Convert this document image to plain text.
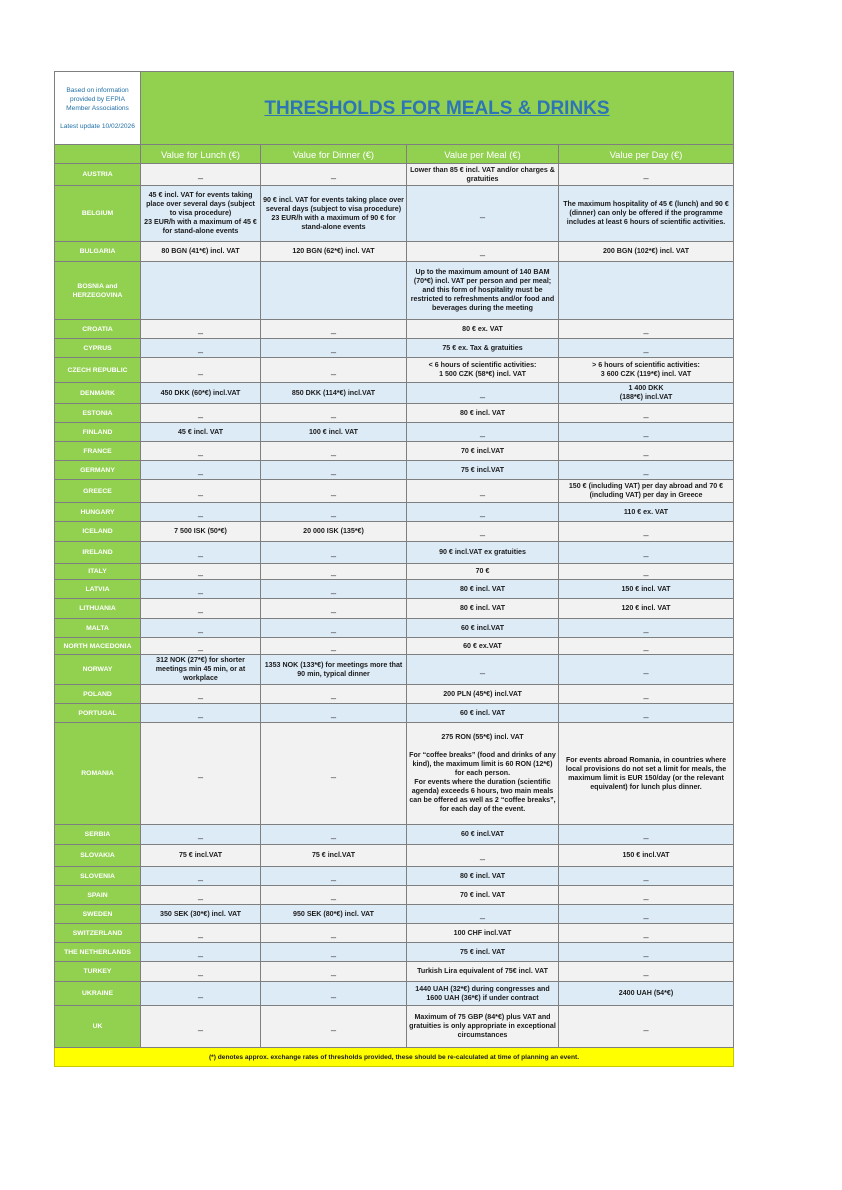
Based on information
provided by EFPIA
Member Associations
Latest update 10/02/2026	THRESHOLDS FOR MEALS & DRINKS			
	Value for Lunch (€)	Value for Dinner (€)	Value per Meal (€)	Value per Day (€)
AUSTRIA	_	_	Lower than 85 € incl. VAT and/or charges & gratuities	_
BELGIUM	45 € incl. VAT for events taking place over several days (subject to visa procedure)
23 EUR/h with a maximum of 45 € for stand-alone events	90 € incl. VAT for events taking place over several days (subject to visa procedure)
23 EUR/h with a maximum of 90 € for stand-alone events	_	The maximum hospitality of 45 € (lunch) and 90 € (dinner) can only be offered if the programme includes at least 6 hours of scientific activities.
BULGARIA	80 BGN (41*€) incl. VAT	120 BGN (62*€) incl. VAT	_	200 BGN (102*€) incl. VAT
BOSNIA and HERZEGOVINA			Up to the maximum amount of 140 BAM (70*€) incl. VAT per person and per meal; and this form of hospitality must be restricted to refreshments and/or food and beverages during the meeting	
CROATIA	_	_	80 € ex. VAT	_
CYPRUS	_	_	75 € ex. Tax & gratuities	_
CZECH REPUBLIC	_	_	< 6 hours of scientific activities:
1 500 CZK (58*€) incl. VAT	> 6 hours of scientific activities:
3 600 CZK (119*€) incl. VAT
DENMARK	450 DKK (60*€) incl.VAT	850 DKK (114*€) incl.VAT	_	1 400 DKK
(188*€) incl.VAT
ESTONIA	_	_	80 € incl. VAT	_
FINLAND	45 € incl. VAT	100 € incl. VAT	_	_
FRANCE	_	_	70 € incl.VAT	_
GERMANY	_	_	75 € incl.VAT	_
GREECE	_	_	_	150 € (including VAT) per day abroad and 70 € (including VAT) per day in Greece
HUNGARY	_	_	_	110 € ex. VAT
ICELAND	7 500 ISK (50*€)	20 000 ISK (135*€)	_	_
IRELAND	_	_	90 € incl.VAT ex gratuities	_
ITALY	_	_	70 €	_
LATVIA	_	_	80 € incl. VAT	150 € incl. VAT
LITHUANIA	_	_	80 € incl. VAT	120 € incl. VAT
MALTA	_	_	60 € incl.VAT	_
NORTH MACEDONIA	_	_	60 € ex.VAT	_
NORWAY	312 NOK (27*€) for shorter meetings min 45 min, or at workplace	1353 NOK (133*€) for meetings more that 90 min, typical dinner	_	_
POLAND	_	_	200 PLN (45*€) incl.VAT	_
PORTUGAL	_	_	60 € incl. VAT	_
ROMANIA	_	_	275 RON (55*€) incl. VAT

For “coffee breaks” (food and drinks of any kind), the maximum limit is 60 RON (12*€) for each person.
For events where the duration (scientific agenda) exceeds 6 hours, two main meals can be offered as well as 2 “coffee breaks”, for each day of the event.	For events abroad Romania, in countries where local provisions do not set a limit for meals, the maximum limit is EUR 150/day (or the relevant equivalent) for lunch plus dinner.
SERBIA	_	_	60 € incl.VAT	_
SLOVAKIA	75 € incl.VAT	75 € incl.VAT	_	150 € incl.VAT
SLOVENIA	_	_	80 € incl. VAT	_
SPAIN	_	_	70 € incl. VAT	_
SWEDEN	350 SEK (30*€) incl. VAT	950 SEK (80*€) incl. VAT	_	_
SWITZERLAND	_	_	100 CHF incl.VAT	_
THE NETHERLANDS	_	_	75 € incl. VAT	_
TURKEY	_	_	Turkish Lira equivalent of 75€ incl. VAT	_
UKRAINE	_	_	1440 UAH (32*€) during congresses and 1600 UAH (36*€) if under contract	2400 UAH (54*€)
UK	_	_	Maximum of 75 GBP (84*€) plus VAT and gratuities is only appropriate in exceptional circumstances	_
(*) denotes approx. exchange rates of thresholds provided, these should be re-calculated at time of planning an event.				
